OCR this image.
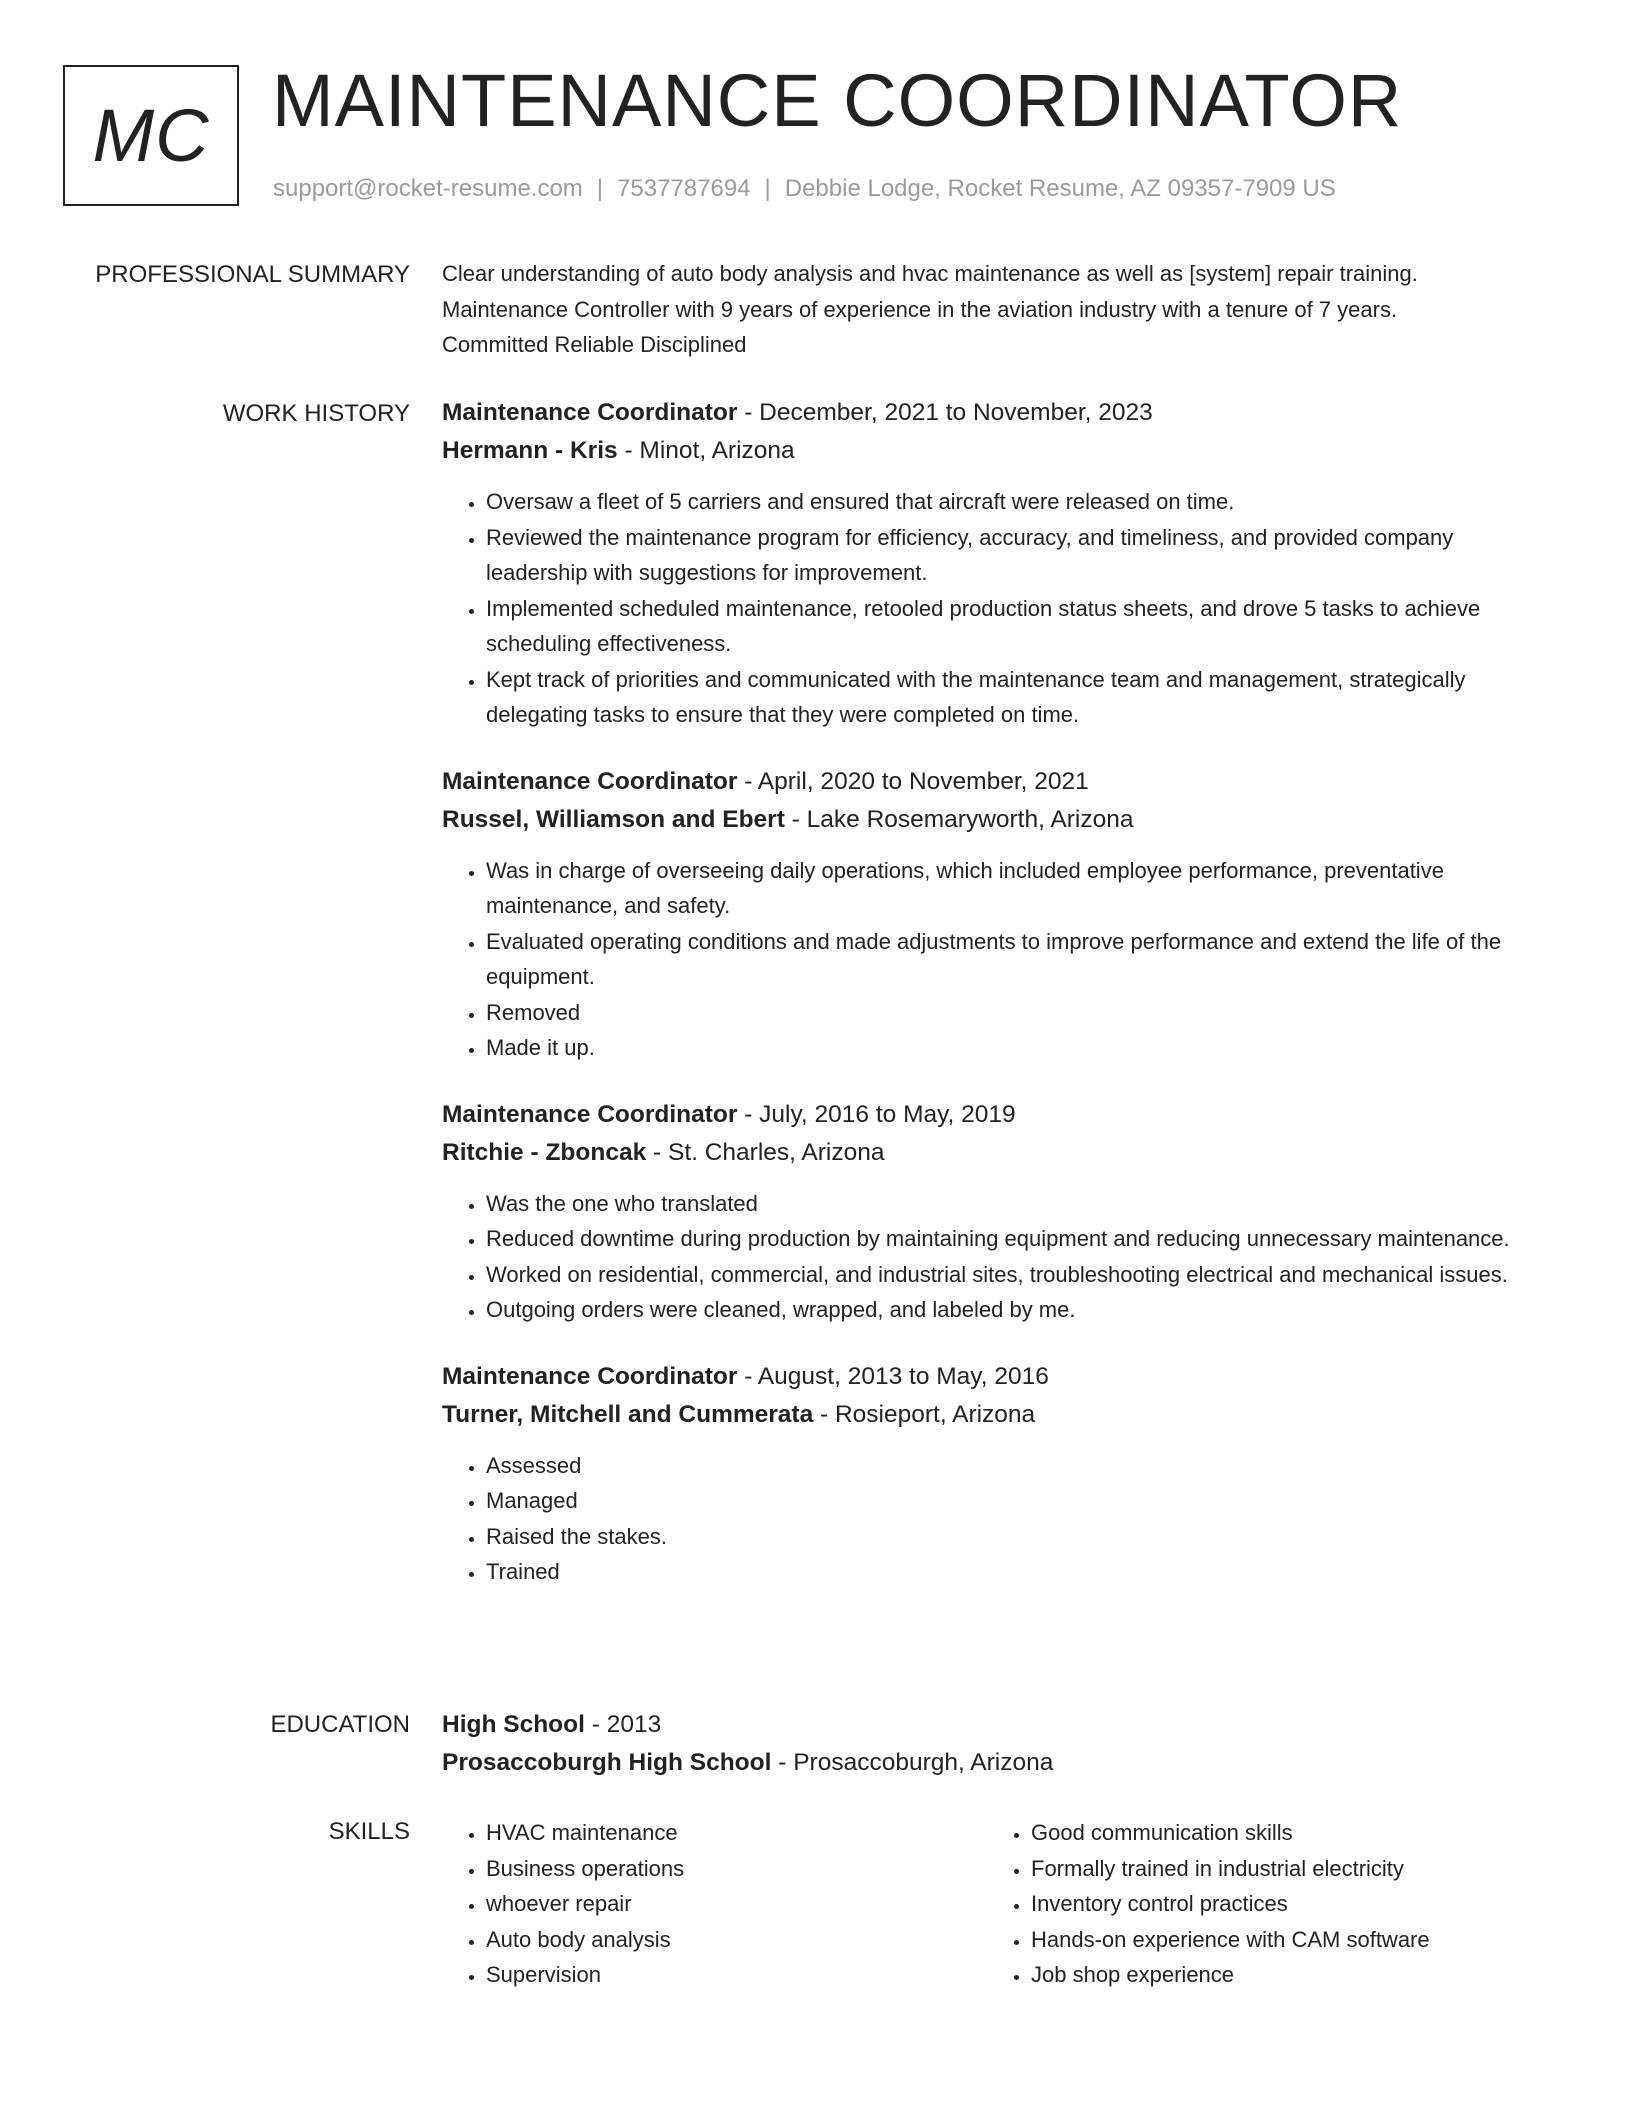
MC MAINTENANCE COORDINATOR
support@rocket-resume.com | 7537787694 | Debbie Lodge, Rocket Resume, AZ 09357-7909 US
PROFESSIONAL SUMMARY Clear understanding of auto body analysis and hvac maintenance as well as [system] repair training.

Maintenance Controller with 9 years of experience in the aviation industry with a tenure of 7 years.

Committed Reliable Disciplined

WORK HISTORY Maintenance Coordinator - December, 2021 to November, 2023
Hermann - Kris - Minot, Arizona
• Oversaw a fleet of 5 carriers and ensured that aircraft were released on time.
• Reviewed the maintenance program for efficiency, accuracy, and timeliness, and provided company leadership with suggestions for improvement.
• Implemented scheduled maintenance, retooled production status sheets, and drove 5 tasks to achieve scheduling effectiveness.
• Kept track of priorities and communicated with the maintenance team and management, strategically delegating tasks to ensure that they were completed on time.
Maintenance Coordinator - April, 2020 to November, 2021
Russel, Williamson and Ebert - Lake Rosemaryworth, Arizona
• Was in charge of overseeing daily operations, which included employee performance, preventative maintenance, and safety.
• Evaluated operating conditions and made adjustments to improve performance and extend the life of the equipment.
• Removed
• Made it up.
Maintenance Coordinator - July, 2016 to May, 2019
Ritchie - Zboncak - St. Charles, Arizona
• Was the one who translated
• Reduced downtime during production by maintaining equipment and reducing unnecessary maintenance.
• Worked on residential, commercial, and industrial sites, troubleshooting electrical and mechanical issues.
• Outgoing orders were cleaned, wrapped, and labeled by me.
Maintenance Coordinator - August, 2013 to May, 2016
Turner, Mitchell and Cummerata - Rosieport, Arizona
• Assessed
• Managed
• Raised the stakes.
• Trained
EDUCATION High School - 2013
Prosaccoburgh High School - Prosaccoburgh, Arizona
SKILLS
•	HVAC maintenance
• Business operations
• whoever repair
• Auto body analysis
• Supervision
• Good communication skills
• Formally trained in industrial electricity
• Inventory control practices
• Hands-on experience with CAM software
• Job shop experience
